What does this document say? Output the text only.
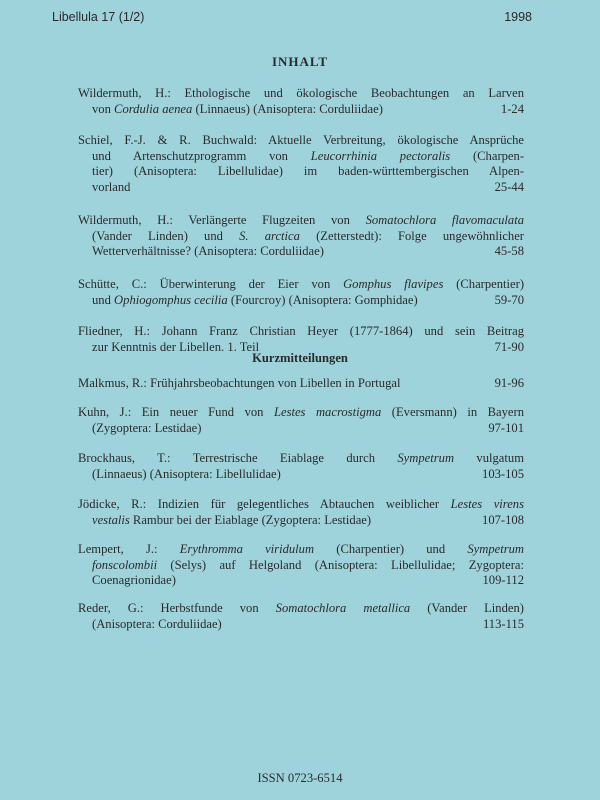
Libellula 17 (1/2)	1998
INHALT
Wildermuth, H.: Ethologische und ökologische Beobachtungen an Larven
von Cordulia aenea (Linnaeus) (Anisoptera: Corduliidae)	1-24
Schiel, F.-J. & R. Buchwald: Aktuelle Verbreitung, ökologische Ansprüche
und Artenschutzprogramm von Leucorrhinia pectoralis (Charpen-
tier) (Anisoptera: Libellulidae) im baden-württembergischen Alpen-
vorland	25-44
Wildermuth, H.: Verlängerte Flugzeiten von Somatochlora flavomaculata
(Vander Linden) und S. arctica (Zetterstedt): Folge ungewöhnlicher
Wetterverhältnisse? (Anisoptera: Corduliidae)	45-58
Schütte, C.: Überwinterung der Eier von Gomphus flavipes (Charpentier)
und Ophiogomphus cecilia (Fourcroy) (Anisoptera: Gomphidae)	59-70
Fliedner, H.: Johann Franz Christian Heyer (1777-1864) und sein Beitrag
zur Kenntnis der Libellen. 1. Teil	71-90
Kurzmitteilungen
Malkmus, R.: Frühjahrsbeobachtungen von Libellen in Portugal	91-96
Kuhn, J.: Ein neuer Fund von Lestes macrostigma (Eversmann) in Bayern
(Zygoptera: Lestidae)	97-101
Brockhaus, T.: Terrestrische Eiablage durch Sympetrum vulgatum
(Linnaeus) (Anisoptera: Libellulidae)	103-105
Jödicke, R.: Indizien für gelegentliches Abtauchen weiblicher Lestes virens
vestalis Rambur bei der Eiablage (Zygoptera: Lestidae)	107-108
Lempert, J.: Erythromma viridulum (Charpentier) und Sympetrum
fonscolombii (Selys) auf Helgoland (Anisoptera: Libellulidae; Zygoptera:
Coenagrionidae)	109-112
Reder, G.: Herbstfunde von Somatochlora metallica (Vander Linden)
(Anisoptera: Corduliidae)	113-115
ISSN 0723-6514
